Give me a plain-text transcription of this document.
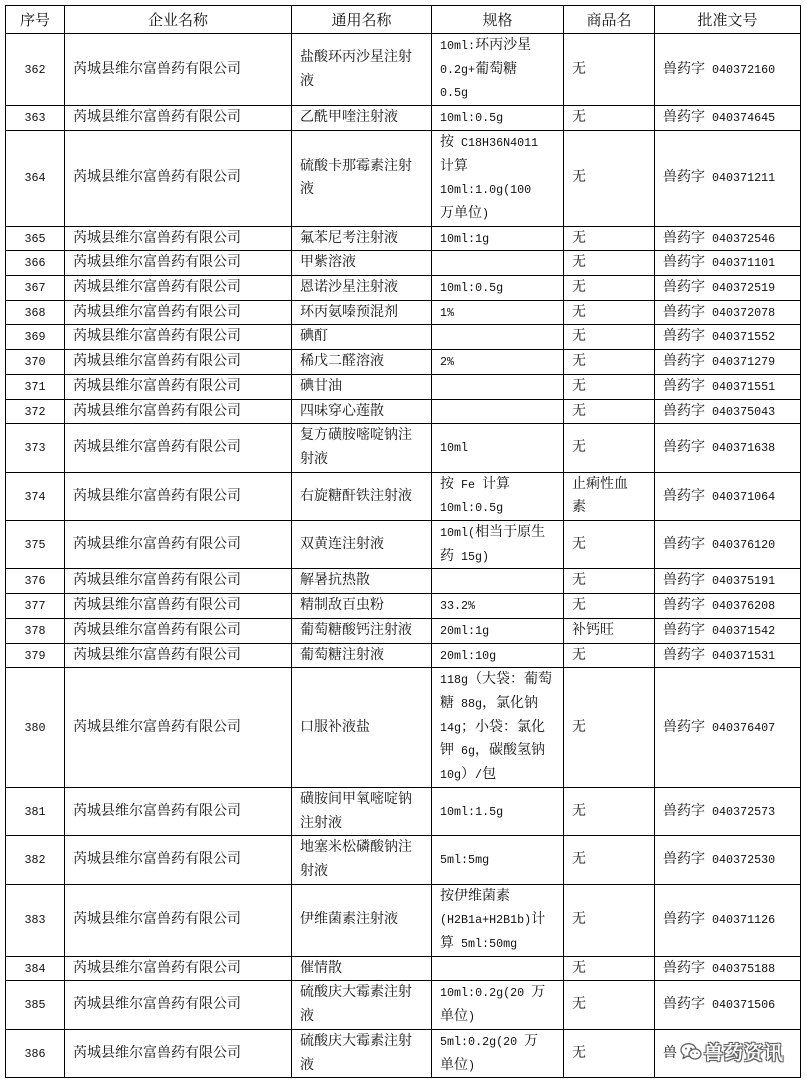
序号	企业名称	通用名称	规格	商品名	批准文号

362	芮城县维尔富兽药有限公司	盐酸环丙沙星注射
液	10ml:环丙沙星
0.2g+葡萄糖
0.5g	无	兽药字 040372160

363	芮城县维尔富兽药有限公司	乙酰甲喹注射液	10ml:0.5g	无	兽药字 040374645

364	芮城县维尔富兽药有限公司	硫酸卡那霉素注射
液	按 C18H36N4011
计算
10ml:1.0g(100
万单位)	无	兽药字 040371211

365	芮城县维尔富兽药有限公司	氟苯尼考注射液	10ml:1g	无	兽药字 040372546

366	芮城县维尔富兽药有限公司	甲紫溶液		无	兽药字 040371101

367	芮城县维尔富兽药有限公司	恩诺沙星注射液	10ml:0.5g	无	兽药字 040372519

368	芮城县维尔富兽药有限公司	环丙氨嗪预混剂	1%	无	兽药字 040372078

369	芮城县维尔富兽药有限公司	碘酊		无	兽药字 040371552

370	芮城县维尔富兽药有限公司	稀戊二醛溶液	2%	无	兽药字 040371279

371	芮城县维尔富兽药有限公司	碘甘油		无	兽药字 040371551

372	芮城县维尔富兽药有限公司	四味穿心莲散		无	兽药字 040375043

373	芮城县维尔富兽药有限公司	复方磺胺嘧啶钠注
射液	10ml	无	兽药字 040371638

374	芮城县维尔富兽药有限公司	右旋糖酐铁注射液	按 Fe 计算
10ml:0.5g	止痢性血
素	兽药字 040371064

375	芮城县维尔富兽药有限公司	双黄连注射液	10ml(相当于原生
药 15g)	无	兽药字 040376120

376	芮城县维尔富兽药有限公司	解暑抗热散		无	兽药字 040375191

377	芮城县维尔富兽药有限公司	精制敌百虫粉	33.2%	无	兽药字 040376208

378	芮城县维尔富兽药有限公司	葡萄糖酸钙注射液	20ml:1g	补钙旺	兽药字 040371542

379	芮城县维尔富兽药有限公司	葡萄糖注射液	20ml:10g	无	兽药字 040371531

380	芮城县维尔富兽药有限公司	口服补液盐	118g（大袋：葡萄
糖 88g，氯化钠
14g；小袋：氯化
钾 6g，碳酸氢钠
10g）/包	无	兽药字 040376407

381	芮城县维尔富兽药有限公司	磺胺间甲氧嘧啶钠
注射液	10ml:1.5g	无	兽药字 040372573

382	芮城县维尔富兽药有限公司	地塞米松磷酸钠注
射液	5ml:5mg	无	兽药字 040372530

383	芮城县维尔富兽药有限公司	伊维菌素注射液	按伊维菌素
(H2B1a+H2B1b)计
算 5ml:50mg	无	兽药字 040371126

384	芮城县维尔富兽药有限公司	催情散		无	兽药字 040375188

385	芮城县维尔富兽药有限公司	硫酸庆大霉素注射
液	10ml:0.2g(20 万
单位)	无	兽药字 040371506

386	芮城县维尔富兽药有限公司	硫酸庆大霉素注射
液	5ml:0.2g(20 万
单位)	无	兽	兽药资讯
